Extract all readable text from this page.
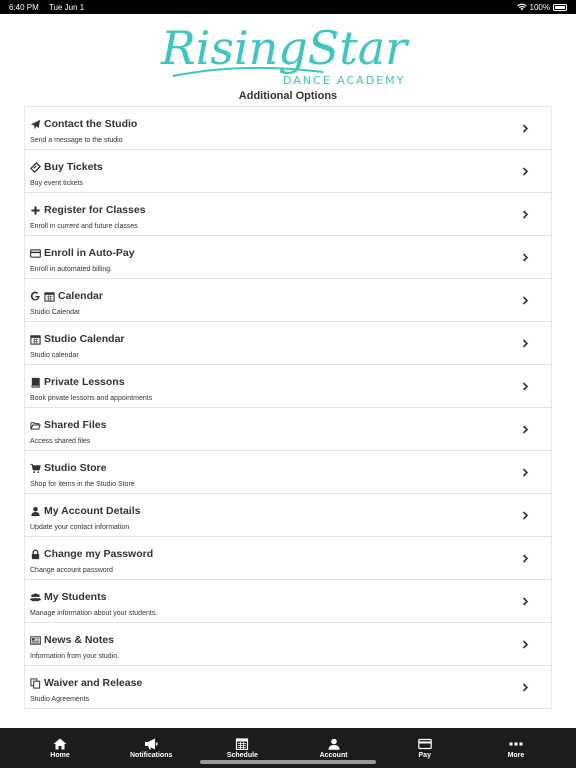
6:40 PM Tue Jun 1	100%
RisingStar
DANCE ACADEMY
Additional Options
Contact the Studio
Send a message to the studio
Buy Tickets
Buy event tickets
Register for Classes
Enroll in current and future classes
Enroll in Auto-Pay
Enroll in automated billing.
Calendar
Studio Calendar
Studio Calendar
Studio calendar
Private Lessons
Book private lessons and appointments
Shared Files
Access shared files
Studio Store
Shop for items in the Studio Store
My Account Details
Update your contact information
Change my Password
Change account password
My Students
Manage information about your students.
News & Notes
Information from your studio.
Waiver and Release
Studio Agreements
Home	Notifications	Schedule	Account	Pay	More
